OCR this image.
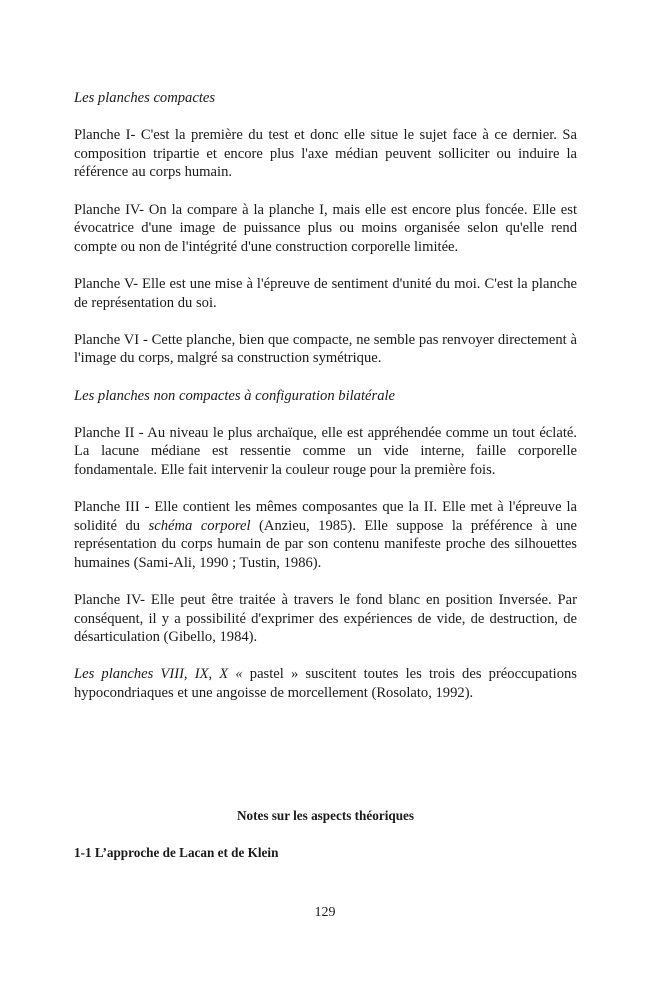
Les planches compactes

Planche I- C'est la première du test et donc elle situe le sujet face à ce dernier. Sa composition tripartie et encore plus l'axe médian peuvent solliciter ou induire la référence au corps humain.

Planche IV- On la compare à la planche I, mais elle est encore plus foncée. Elle est évocatrice d'une image de puissance plus ou moins organisée selon qu'elle rend compte ou non de l'intégrité d'une construction corporelle limitée.

Planche V- Elle est une mise à l'épreuve de sentiment d'unité du moi. C'est la planche de représentation du soi.

Planche VI - Cette planche, bien que compacte, ne semble pas renvoyer directement à l'image du corps, malgré sa construction symétrique.

Les planches non compactes à configuration bilatérale

Planche II - Au niveau le plus archaïque, elle est appréhendée comme un tout éclaté. La lacune médiane est ressentie comme un vide interne, faille corporelle fondamentale. Elle fait intervenir la couleur rouge pour la première fois.

Planche III - Elle contient les mêmes composantes que la II. Elle met à l'épreuve la solidité du schéma corporel (Anzieu, 1985). Elle suppose la préférence à une représentation du corps humain de par son contenu manifeste proche des silhouettes humaines (Sami-Ali, 1990 ; Tustin, 1986).

Planche IV- Elle peut être traitée à travers le fond blanc en position Inversée. Par conséquent, il y a possibilité d'exprimer des expériences de vide, de destruction, de désarticulation (Gibello, 1984).

Les planches VIII, IX, X « pastel » suscitent toutes les trois des préoccupations hypocondriaques et une angoisse de morcellement (Rosolato, 1992).

Notes sur les aspects théoriques
1-1 L’approche de Lacan et de Klein
129
